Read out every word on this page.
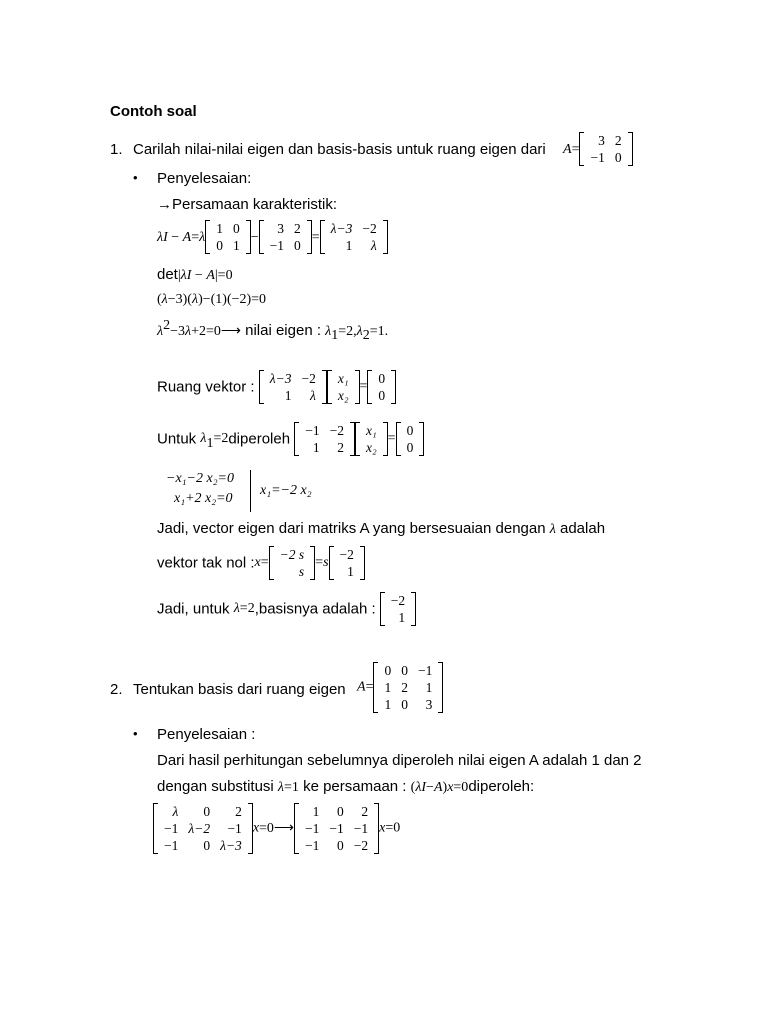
Contoh soal
1. Carilah nilai-nilai eigen dan basis-basis untuk ruang eigen dari A=
3	2
−1	0
• Penyelesaian:
→Persamaan karakteristik:
λI − A=λ
1	0
0	1
−
3	2
−1	0
=
λ−3	−2
1	λ
det|λI − A|=0
(λ−3)(λ)−(1)(−2)=0
$\lambda^2-3\lambda+2=0⟶$ nilai eigen : $\lambda_1=2,\lambda_2=1$.
Ruang vektor : λ−3	−2
1	λ
x₁
x₂
=
0
0
Untuk $\lambda_1=2diperoleh -1$	−2
1	2
x₁
x₂
=
0
0
−x₁−2 x₂=0
x₁+2 x₂=0
x₁=−2 x₂
Jadi, vector eigen dari matriks A yang bersesuaian dengan λ adalah
vektor tak nol :x=
−2 s
s
=s
−2
1
Jadi, untuk λ=2,basisnya adalah : −2
1
2. Tentukan basis dari ruang eigen A=
0	0	−1
1	2	1
1	0	3
• Penyelesaian :
Dari hasil perhitungan sebelumnya diperoleh nilai eigen A adalah 1 dan 2
dengan substitusi λ=1 ke persamaan : (λI−A)x=0diperoleh:
λ	0	2
−1	λ−2	−1
−1	0	λ−3
x=0⟶
1	0	2
−1	−1	−1
−1	0	−2
x=0
